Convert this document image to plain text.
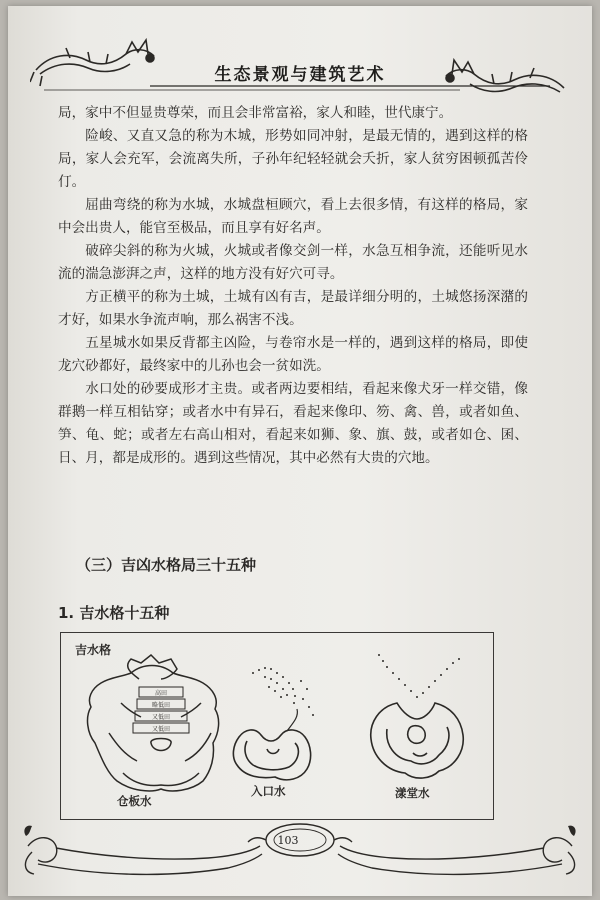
生态景观与建筑艺术

局，家中不但显贵尊荣，而且会非常富裕，家人和睦，世代康宁。

险峻、又直又急的称为木城，形势如同冲射，是最无情的，遇到这样的格局，家人会充军，会流离失所，子孙年纪轻轻就会夭折，家人贫穷困顿孤苦伶仃。

屈曲弯绕的称为水城，水城盘桓顾穴，看上去很多情，有这样的格局，家中会出贵人，能官至极品，而且享有好名声。

破碎尖斜的称为火城，火城或者像交剑一样，水急互相争流，还能听见水流的湍急澎湃之声，这样的地方没有好穴可寻。

方正横平的称为土城，土城有凶有吉，是最详细分明的，土城悠扬深潴的才好，如果水争流声响，那么祸害不浅。

五星城水如果反背都主凶险，与卷帘水是一样的，遇到这样的格局，即使龙穴砂都好，最终家中的儿孙也会一贫如洗。

水口处的砂要成形才主贵。或者两边要相结，看起来像犬牙一样交错，像群鹅一样互相钻穿；或者水中有异石，看起来像印、笏、禽、兽，或者如鱼、笋、龟、蛇；或者左右高山相对，看起来如狮、象、旗、鼓，或者如仓、囷、日、月，都是成形的。遇到这些情况，其中必然有大贵的穴地。

（三）吉凶水格局三十五种
1. 吉水格十五种
吉水格
高田
略低田
又低田
又低田
仓板水
入口水	漾堂水
103
